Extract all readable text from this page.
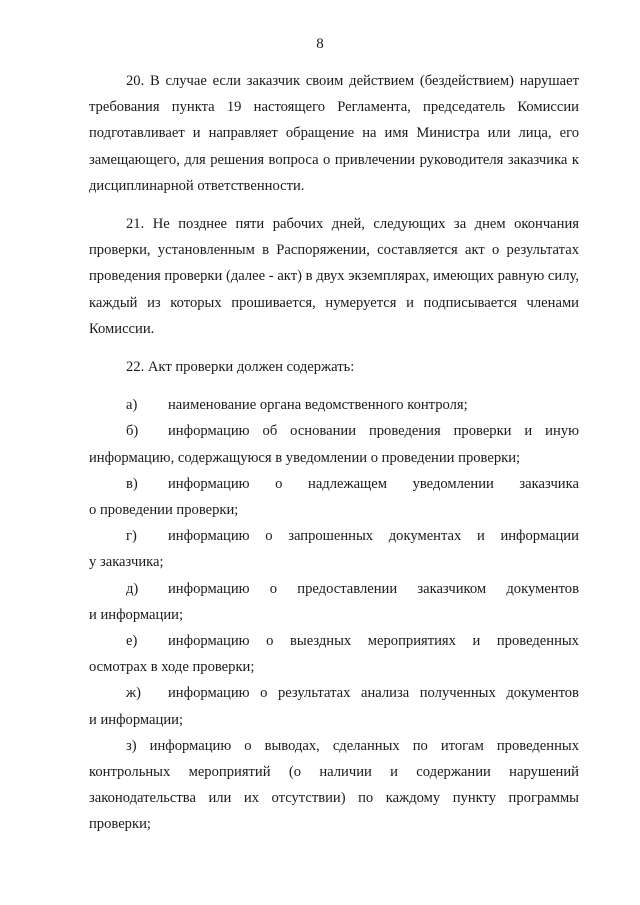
8

20. В случае если заказчик своим действием (бездействием) нарушает требования пункта 19 настоящего Регламента, председатель Комиссии подготавливает и направляет обращение на имя Министра или лица, его замещающего, для решения вопроса о привлечении руководителя заказчика к дисциплинарной ответственности.

21. Не позднее пяти рабочих дней, следующих за днем окончания проверки, установленным в Распоряжении, составляется акт о результатах проведения проверки (далее - акт) в двух экземплярах, имеющих равную силу, каждый из которых прошивается, нумеруется и подписывается членами Комиссии.

22. Акт проверки должен содержать:

а)	наименование органа ведомственного контроля;
б)	информацию об основании проведения проверки и иную
информацию, содержащуюся в уведомлении о проведении проверки;
в)	информацию о надлежащем уведомлении заказчика
о проведении проверки;
г)	информацию о запрошенных документах и информации
у заказчика;
д)	информацию о предоставлении заказчиком документов
и информации;
е)	информацию о выездных мероприятиях и проведенных
осмотрах в ходе проверки;
ж)	информацию о результатах анализа полученных документов
и информации;

з) информацию о выводах, сделанных по итогам проведенных контрольных мероприятий (о наличии и содержании нарушений законодательства или их отсутствии) по каждому пункту программы проверки;
